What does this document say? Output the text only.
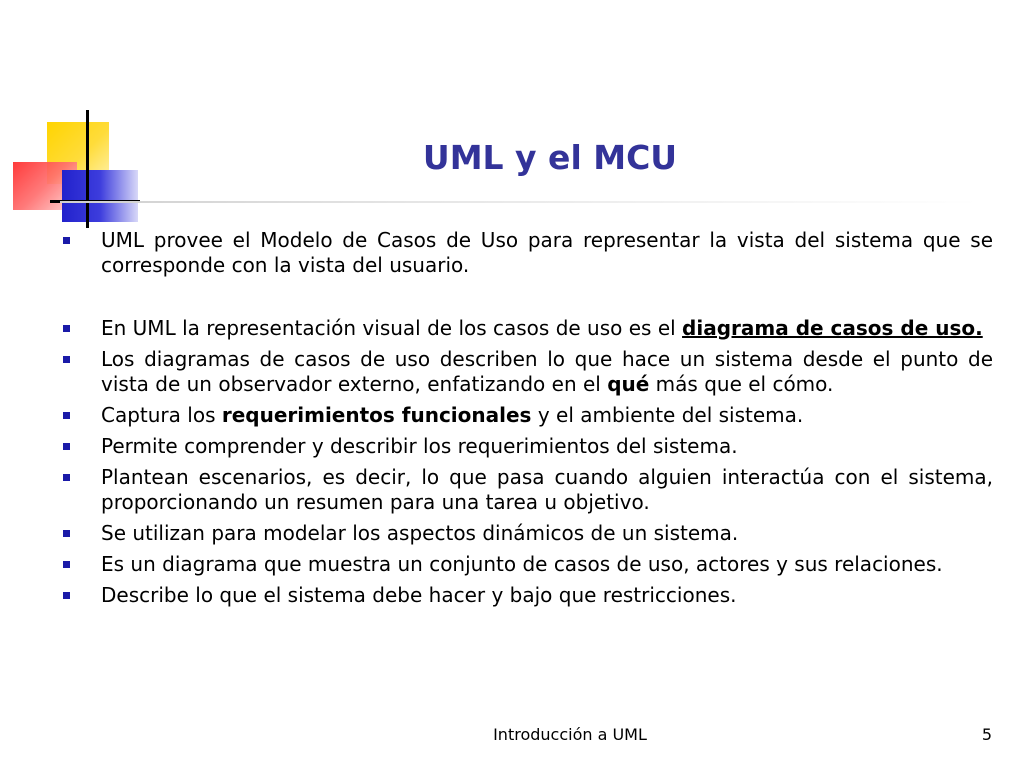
UML y el MCU
UML provee el Modelo de Casos de Uso para representar la vista del sistema que se corresponde con la vista del usuario.
En UML la representación visual de los casos de uso es el diagrama de casos de uso.
Los diagramas de casos de uso describen lo que hace un sistema desde el punto de vista de un observador externo, enfatizando en el qué más que el cómo.
Captura los requerimientos funcionales y el ambiente del sistema.
Permite comprender y describir los requerimientos del sistema.
Plantean escenarios, es decir, lo que pasa cuando alguien interactúa con el sistema, proporcionando un resumen para una tarea u objetivo.
Se utilizan para modelar los aspectos dinámicos de un sistema.
Es un diagrama que muestra un conjunto de casos de uso, actores y sus relaciones.
Describe lo que el sistema debe hacer y bajo que restricciones.
Introducción a UML	5
